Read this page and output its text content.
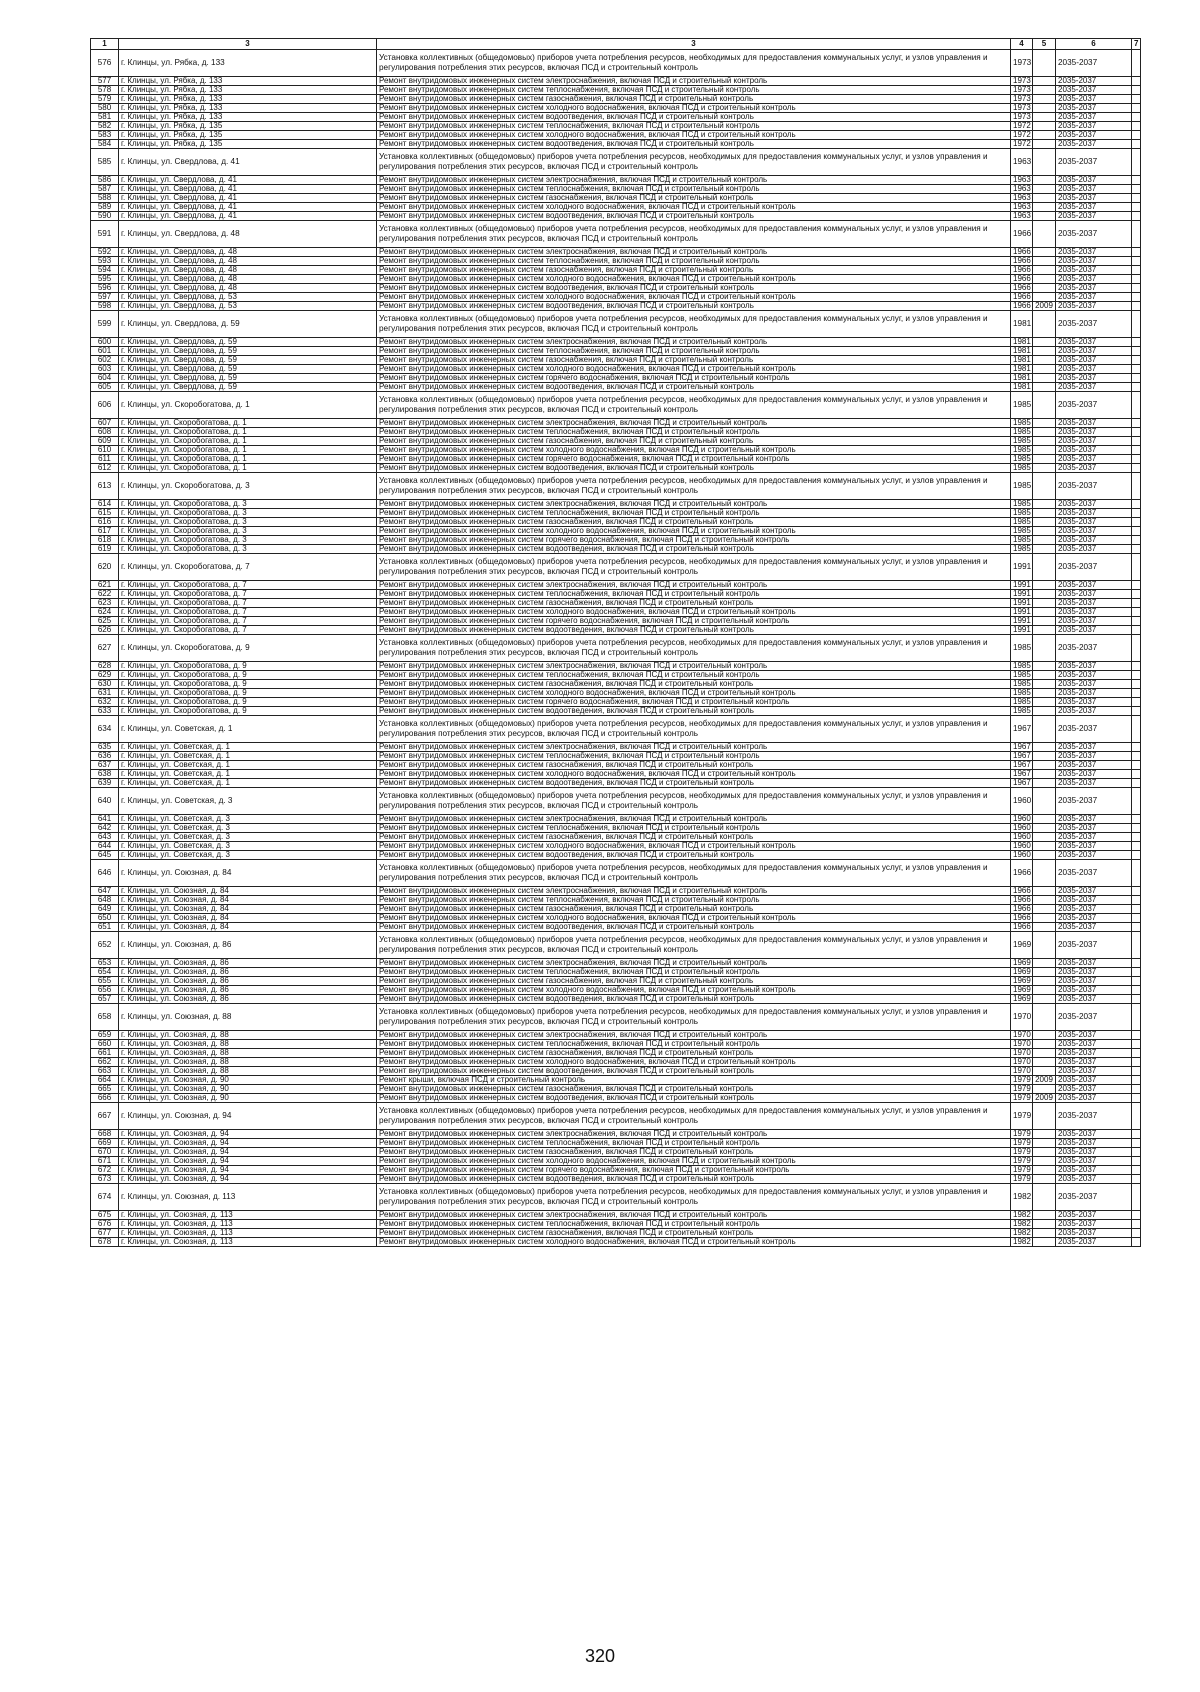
1	3	3	4	5	6	7
576	г. Клинцы, ул. Рябка, д. 133	Установка коллективных (общедомовых) приборов учета потребления ресурсов, необходимых для предоставления коммунальных услуг, и узлов управления и регулирования потребления этих ресурсов, включая ПСД и строительный контроль	1973		2035-2037	
577	г. Клинцы, ул. Рябка, д. 133	Ремонт внутридомовых инженерных систем электроснабжения, включая ПСД и строительный контроль	1973		2035-2037	
578	г. Клинцы, ул. Рябка, д. 133	Ремонт внутридомовых инженерных систем теплоснабжения, включая ПСД и строительный контроль	1973		2035-2037	
579	г. Клинцы, ул. Рябка, д. 133	Ремонт внутридомовых инженерных систем газоснабжения, включая ПСД и строительный контроль	1973		2035-2037	
580	г. Клинцы, ул. Рябка, д. 133	Ремонт внутридомовых инженерных систем холодного водоснабжения, включая ПСД и строительный контроль	1973		2035-2037	
581	г. Клинцы, ул. Рябка, д. 133	Ремонт внутридомовых инженерных систем водоотведения, включая ПСД и строительный контроль	1973		2035-2037	
582	г. Клинцы, ул. Рябка, д. 135	Ремонт внутридомовых инженерных систем теплоснабжения, включая ПСД и строительный контроль	1972		2035-2037	
583	г. Клинцы, ул. Рябка, д. 135	Ремонт внутридомовых инженерных систем холодного водоснабжения, включая ПСД и строительный контроль	1972		2035-2037	
584	г. Клинцы, ул. Рябка, д. 135	Ремонт внутридомовых инженерных систем водоотведения, включая ПСД и строительный контроль	1972		2035-2037	
585	г. Клинцы, ул. Свердлова, д. 41	Установка коллективных (общедомовых) приборов учета потребления ресурсов, необходимых для предоставления коммунальных услуг, и узлов управления и регулирования потребления этих ресурсов, включая ПСД и строительный контроль	1963		2035-2037	
586	г. Клинцы, ул. Свердлова, д. 41	Ремонт внутридомовых инженерных систем электроснабжения, включая ПСД и строительный контроль	1963		2035-2037	
587	г. Клинцы, ул. Свердлова, д. 41	Ремонт внутридомовых инженерных систем теплоснабжения, включая ПСД и строительный контроль	1963		2035-2037	
588	г. Клинцы, ул. Свердлова, д. 41	Ремонт внутридомовых инженерных систем газоснабжения, включая ПСД и строительный контроль	1963		2035-2037	
589	г. Клинцы, ул. Свердлова, д. 41	Ремонт внутридомовых инженерных систем холодного водоснабжения, включая ПСД и строительный контроль	1963		2035-2037	
590	г. Клинцы, ул. Свердлова, д. 41	Ремонт внутридомовых инженерных систем водоотведения, включая ПСД и строительный контроль	1963		2035-2037	
591	г. Клинцы, ул. Свердлова, д. 48	Установка коллективных (общедомовых) приборов учета потребления ресурсов, необходимых для предоставления коммунальных услуг, и узлов управления и регулирования потребления этих ресурсов, включая ПСД и строительный контроль	1966		2035-2037	
592	г. Клинцы, ул. Свердлова, д. 48	Ремонт внутридомовых инженерных систем электроснабжения, включая ПСД и строительный контроль	1966		2035-2037	
593	г. Клинцы, ул. Свердлова, д. 48	Ремонт внутридомовых инженерных систем теплоснабжения, включая ПСД и строительный контроль	1966		2035-2037	
594	г. Клинцы, ул. Свердлова, д. 48	Ремонт внутридомовых инженерных систем газоснабжения, включая ПСД и строительный контроль	1966		2035-2037	
595	г. Клинцы, ул. Свердлова, д. 48	Ремонт внутридомовых инженерных систем холодного водоснабжения, включая ПСД и строительный контроль	1966		2035-2037	
596	г. Клинцы, ул. Свердлова, д. 48	Ремонт внутридомовых инженерных систем водоотведения, включая ПСД и строительный контроль	1966		2035-2037	
597	г. Клинцы, ул. Свердлова, д. 53	Ремонт внутридомовых инженерных систем холодного водоснабжения, включая ПСД и строительный контроль	1966		2035-2037	
598	г. Клинцы, ул. Свердлова, д. 53	Ремонт внутридомовых инженерных систем водоотведения, включая ПСД и строительный контроль	1966	2009	2035-2037	
599	г. Клинцы, ул. Свердлова, д. 59	Установка коллективных (общедомовых) приборов учета потребления ресурсов, необходимых для предоставления коммунальных услуг, и узлов управления и регулирования потребления этих ресурсов, включая ПСД и строительный контроль	1981		2035-2037	
600	г. Клинцы, ул. Свердлова, д. 59	Ремонт внутридомовых инженерных систем электроснабжения, включая ПСД и строительный контроль	1981		2035-2037	
601	г. Клинцы, ул. Свердлова, д. 59	Ремонт внутридомовых инженерных систем теплоснабжения, включая ПСД и строительный контроль	1981		2035-2037	
602	г. Клинцы, ул. Свердлова, д. 59	Ремонт внутридомовых инженерных систем газоснабжения, включая ПСД и строительный контроль	1981		2035-2037	
603	г. Клинцы, ул. Свердлова, д. 59	Ремонт внутридомовых инженерных систем холодного водоснабжения, включая ПСД и строительный контроль	1981		2035-2037	
604	г. Клинцы, ул. Свердлова, д. 59	Ремонт внутридомовых инженерных систем горячего водоснабжения, включая ПСД и строительный контроль	1981		2035-2037	
605	г. Клинцы, ул. Свердлова, д. 59	Ремонт внутридомовых инженерных систем водоотведения, включая ПСД и строительный контроль	1981		2035-2037	
606	г. Клинцы, ул. Скоробогатова, д. 1	Установка коллективных (общедомовых) приборов учета потребления ресурсов, необходимых для предоставления коммунальных услуг, и узлов управления и регулирования потребления этих ресурсов, включая ПСД и строительный контроль	1985		2035-2037	
607	г. Клинцы, ул. Скоробогатова, д. 1	Ремонт внутридомовых инженерных систем электроснабжения, включая ПСД и строительный контроль	1985		2035-2037	
608	г. Клинцы, ул. Скоробогатова, д. 1	Ремонт внутридомовых инженерных систем теплоснабжения, включая ПСД и строительный контроль	1985		2035-2037	
609	г. Клинцы, ул. Скоробогатова, д. 1	Ремонт внутридомовых инженерных систем газоснабжения, включая ПСД и строительный контроль	1985		2035-2037	
610	г. Клинцы, ул. Скоробогатова, д. 1	Ремонт внутридомовых инженерных систем холодного водоснабжения, включая ПСД и строительный контроль	1985		2035-2037	
611	г. Клинцы, ул. Скоробогатова, д. 1	Ремонт внутридомовых инженерных систем горячего водоснабжения, включая ПСД и строительный контроль	1985		2035-2037	
612	г. Клинцы, ул. Скоробогатова, д. 1	Ремонт внутридомовых инженерных систем водоотведения, включая ПСД и строительный контроль	1985		2035-2037	
613	г. Клинцы, ул. Скоробогатова, д. 3	Установка коллективных (общедомовых) приборов учета потребления ресурсов, необходимых для предоставления коммунальных услуг, и узлов управления и регулирования потребления этих ресурсов, включая ПСД и строительный контроль	1985		2035-2037	
614	г. Клинцы, ул. Скоробогатова, д. 3	Ремонт внутридомовых инженерных систем электроснабжения, включая ПСД и строительный контроль	1985		2035-2037	
615	г. Клинцы, ул. Скоробогатова, д. 3	Ремонт внутридомовых инженерных систем теплоснабжения, включая ПСД и строительный контроль	1985		2035-2037	
616	г. Клинцы, ул. Скоробогатова, д. 3	Ремонт внутридомовых инженерных систем газоснабжения, включая ПСД и строительный контроль	1985		2035-2037	
617	г. Клинцы, ул. Скоробогатова, д. 3	Ремонт внутридомовых инженерных систем холодного водоснабжения, включая ПСД и строительный контроль	1985		2035-2037	
618	г. Клинцы, ул. Скоробогатова, д. 3	Ремонт внутридомовых инженерных систем горячего водоснабжения, включая ПСД и строительный контроль	1985		2035-2037	
619	г. Клинцы, ул. Скоробогатова, д. 3	Ремонт внутридомовых инженерных систем водоотведения, включая ПСД и строительный контроль	1985		2035-2037	
620	г. Клинцы, ул. Скоробогатова, д. 7	Установка коллективных (общедомовых) приборов учета потребления ресурсов, необходимых для предоставления коммунальных услуг, и узлов управления и регулирования потребления этих ресурсов, включая ПСД и строительный контроль	1991		2035-2037	
621	г. Клинцы, ул. Скоробогатова, д. 7	Ремонт внутридомовых инженерных систем электроснабжения, включая ПСД и строительный контроль	1991		2035-2037	
622	г. Клинцы, ул. Скоробогатова, д. 7	Ремонт внутридомовых инженерных систем теплоснабжения, включая ПСД и строительный контроль	1991		2035-2037	
623	г. Клинцы, ул. Скоробогатова, д. 7	Ремонт внутридомовых инженерных систем газоснабжения, включая ПСД и строительный контроль	1991		2035-2037	
624	г. Клинцы, ул. Скоробогатова, д. 7	Ремонт внутридомовых инженерных систем холодного водоснабжения, включая ПСД и строительный контроль	1991		2035-2037	
625	г. Клинцы, ул. Скоробогатова, д. 7	Ремонт внутридомовых инженерных систем горячего водоснабжения, включая ПСД и строительный контроль	1991		2035-2037	
626	г. Клинцы, ул. Скоробогатова, д. 7	Ремонт внутридомовых инженерных систем водоотведения, включая ПСД и строительный контроль	1991		2035-2037	
627	г. Клинцы, ул. Скоробогатова, д. 9	Установка коллективных (общедомовых) приборов учета потребления ресурсов, необходимых для предоставления коммунальных услуг, и узлов управления и регулирования потребления этих ресурсов, включая ПСД и строительный контроль	1985		2035-2037	
628	г. Клинцы, ул. Скоробогатова, д. 9	Ремонт внутридомовых инженерных систем электроснабжения, включая ПСД и строительный контроль	1985		2035-2037	
629	г. Клинцы, ул. Скоробогатова, д. 9	Ремонт внутридомовых инженерных систем теплоснабжения, включая ПСД и строительный контроль	1985		2035-2037	
630	г. Клинцы, ул. Скоробогатова, д. 9	Ремонт внутридомовых инженерных систем газоснабжения, включая ПСД и строительный контроль	1985		2035-2037	
631	г. Клинцы, ул. Скоробогатова, д. 9	Ремонт внутридомовых инженерных систем холодного водоснабжения, включая ПСД и строительный контроль	1985		2035-2037	
632	г. Клинцы, ул. Скоробогатова, д. 9	Ремонт внутридомовых инженерных систем горячего водоснабжения, включая ПСД и строительный контроль	1985		2035-2037	
633	г. Клинцы, ул. Скоробогатова, д. 9	Ремонт внутридомовых инженерных систем водоотведения, включая ПСД и строительный контроль	1985		2035-2037	
634	г. Клинцы, ул. Советская, д. 1	Установка коллективных (общедомовых) приборов учета потребления ресурсов, необходимых для предоставления коммунальных услуг, и узлов управления и регулирования потребления этих ресурсов, включая ПСД и строительный контроль	1967		2035-2037	
635	г. Клинцы, ул. Советская, д. 1	Ремонт внутридомовых инженерных систем электроснабжения, включая ПСД и строительный контроль	1967		2035-2037	
636	г. Клинцы, ул. Советская, д. 1	Ремонт внутридомовых инженерных систем теплоснабжения, включая ПСД и строительный контроль	1967		2035-2037	
637	г. Клинцы, ул. Советская, д. 1	Ремонт внутридомовых инженерных систем газоснабжения, включая ПСД и строительный контроль	1967		2035-2037	
638	г. Клинцы, ул. Советская, д. 1	Ремонт внутридомовых инженерных систем холодного водоснабжения, включая ПСД и строительный контроль	1967		2035-2037	
639	г. Клинцы, ул. Советская, д. 1	Ремонт внутридомовых инженерных систем водоотведения, включая ПСД и строительный контроль	1967		2035-2037	
640	г. Клинцы, ул. Советская, д. 3	Установка коллективных (общедомовых) приборов учета потребления ресурсов, необходимых для предоставления коммунальных услуг, и узлов управления и регулирования потребления этих ресурсов, включая ПСД и строительный контроль	1960		2035-2037	
641	г. Клинцы, ул. Советская, д. 3	Ремонт внутридомовых инженерных систем электроснабжения, включая ПСД и строительный контроль	1960		2035-2037	
642	г. Клинцы, ул. Советская, д. 3	Ремонт внутридомовых инженерных систем теплоснабжения, включая ПСД и строительный контроль	1960		2035-2037	
643	г. Клинцы, ул. Советская, д. 3	Ремонт внутридомовых инженерных систем газоснабжения, включая ПСД и строительный контроль	1960		2035-2037	
644	г. Клинцы, ул. Советская, д. 3	Ремонт внутридомовых инженерных систем холодного водоснабжения, включая ПСД и строительный контроль	1960		2035-2037	
645	г. Клинцы, ул. Советская, д. 3	Ремонт внутридомовых инженерных систем водоотведения, включая ПСД и строительный контроль	1960		2035-2037	
646	г. Клинцы, ул. Союзная, д. 84	Установка коллективных (общедомовых) приборов учета потребления ресурсов, необходимых для предоставления коммунальных услуг, и узлов управления и регулирования потребления этих ресурсов, включая ПСД и строительный контроль	1966		2035-2037	
647	г. Клинцы, ул. Союзная, д. 84	Ремонт внутридомовых инженерных систем электроснабжения, включая ПСД и строительный контроль	1966		2035-2037	
648	г. Клинцы, ул. Союзная, д. 84	Ремонт внутридомовых инженерных систем теплоснабжения, включая ПСД и строительный контроль	1966		2035-2037	
649	г. Клинцы, ул. Союзная, д. 84	Ремонт внутридомовых инженерных систем газоснабжения, включая ПСД и строительный контроль	1966		2035-2037	
650	г. Клинцы, ул. Союзная, д. 84	Ремонт внутридомовых инженерных систем холодного водоснабжения, включая ПСД и строительный контроль	1966		2035-2037	
651	г. Клинцы, ул. Союзная, д. 84	Ремонт внутридомовых инженерных систем водоотведения, включая ПСД и строительный контроль	1966		2035-2037	
652	г. Клинцы, ул. Союзная, д. 86	Установка коллективных (общедомовых) приборов учета потребления ресурсов, необходимых для предоставления коммунальных услуг, и узлов управления и регулирования потребления этих ресурсов, включая ПСД и строительный контроль	1969		2035-2037	
653	г. Клинцы, ул. Союзная, д. 86	Ремонт внутридомовых инженерных систем электроснабжения, включая ПСД и строительный контроль	1969		2035-2037	
654	г. Клинцы, ул. Союзная, д. 86	Ремонт внутридомовых инженерных систем теплоснабжения, включая ПСД и строительный контроль	1969		2035-2037	
655	г. Клинцы, ул. Союзная, д. 86	Ремонт внутридомовых инженерных систем газоснабжения, включая ПСД и строительный контроль	1969		2035-2037	
656	г. Клинцы, ул. Союзная, д. 86	Ремонт внутридомовых инженерных систем холодного водоснабжения, включая ПСД и строительный контроль	1969		2035-2037	
657	г. Клинцы, ул. Союзная, д. 86	Ремонт внутридомовых инженерных систем водоотведения, включая ПСД и строительный контроль	1969		2035-2037	
658	г. Клинцы, ул. Союзная, д. 88	Установка коллективных (общедомовых) приборов учета потребления ресурсов, необходимых для предоставления коммунальных услуг, и узлов управления и регулирования потребления этих ресурсов, включая ПСД и строительный контроль	1970		2035-2037	
659	г. Клинцы, ул. Союзная, д. 88	Ремонт внутридомовых инженерных систем электроснабжения, включая ПСД и строительный контроль	1970		2035-2037	
660	г. Клинцы, ул. Союзная, д. 88	Ремонт внутридомовых инженерных систем теплоснабжения, включая ПСД и строительный контроль	1970		2035-2037	
661	г. Клинцы, ул. Союзная, д. 88	Ремонт внутридомовых инженерных систем газоснабжения, включая ПСД и строительный контроль	1970		2035-2037	
662	г. Клинцы, ул. Союзная, д. 88	Ремонт внутридомовых инженерных систем холодного водоснабжения, включая ПСД и строительный контроль	1970		2035-2037	
663	г. Клинцы, ул. Союзная, д. 88	Ремонт внутридомовых инженерных систем водоотведения, включая ПСД и строительный контроль	1970		2035-2037	
664	г. Клинцы, ул. Союзная, д. 90	Ремонт крыши, включая ПСД и строительный контроль	1979	2009	2035-2037	
665	г. Клинцы, ул. Союзная, д. 90	Ремонт внутридомовых инженерных систем газоснабжения, включая ПСД и строительный контроль	1979		2035-2037	
666	г. Клинцы, ул. Союзная, д. 90	Ремонт внутридомовых инженерных систем водоотведения, включая ПСД и строительный контроль	1979	2009	2035-2037	
667	г. Клинцы, ул. Союзная, д. 94	Установка коллективных (общедомовых) приборов учета потребления ресурсов, необходимых для предоставления коммунальных услуг, и узлов управления и регулирования потребления этих ресурсов, включая ПСД и строительный контроль	1979		2035-2037	
668	г. Клинцы, ул. Союзная, д. 94	Ремонт внутридомовых инженерных систем электроснабжения, включая ПСД и строительный контроль	1979		2035-2037	
669	г. Клинцы, ул. Союзная, д. 94	Ремонт внутридомовых инженерных систем теплоснабжения, включая ПСД и строительный контроль	1979		2035-2037	
670	г. Клинцы, ул. Союзная, д. 94	Ремонт внутридомовых инженерных систем газоснабжения, включая ПСД и строительный контроль	1979		2035-2037	
671	г. Клинцы, ул. Союзная, д. 94	Ремонт внутридомовых инженерных систем холодного водоснабжения, включая ПСД и строительный контроль	1979		2035-2037	
672	г. Клинцы, ул. Союзная, д. 94	Ремонт внутридомовых инженерных систем горячего водоснабжения, включая ПСД и строительный контроль	1979		2035-2037	
673	г. Клинцы, ул. Союзная, д. 94	Ремонт внутридомовых инженерных систем водоотведения, включая ПСД и строительный контроль	1979		2035-2037	
674	г. Клинцы, ул. Союзная, д. 113	Установка коллективных (общедомовых) приборов учета потребления ресурсов, необходимых для предоставления коммунальных услуг, и узлов управления и регулирования потребления этих ресурсов, включая ПСД и строительный контроль	1982		2035-2037	
675	г. Клинцы, ул. Союзная, д. 113	Ремонт внутридомовых инженерных систем электроснабжения, включая ПСД и строительный контроль	1982		2035-2037	
676	г. Клинцы, ул. Союзная, д. 113	Ремонт внутридомовых инженерных систем теплоснабжения, включая ПСД и строительный контроль	1982		2035-2037	
677	г. Клинцы, ул. Союзная, д. 113	Ремонт внутридомовых инженерных систем газоснабжения, включая ПСД и строительный контроль	1982		2035-2037	
678	г. Клинцы, ул. Союзная, д. 113	Ремонт внутридомовых инженерных систем холодного водоснабжения, включая ПСД и строительный контроль	1982		2035-2037	
320
